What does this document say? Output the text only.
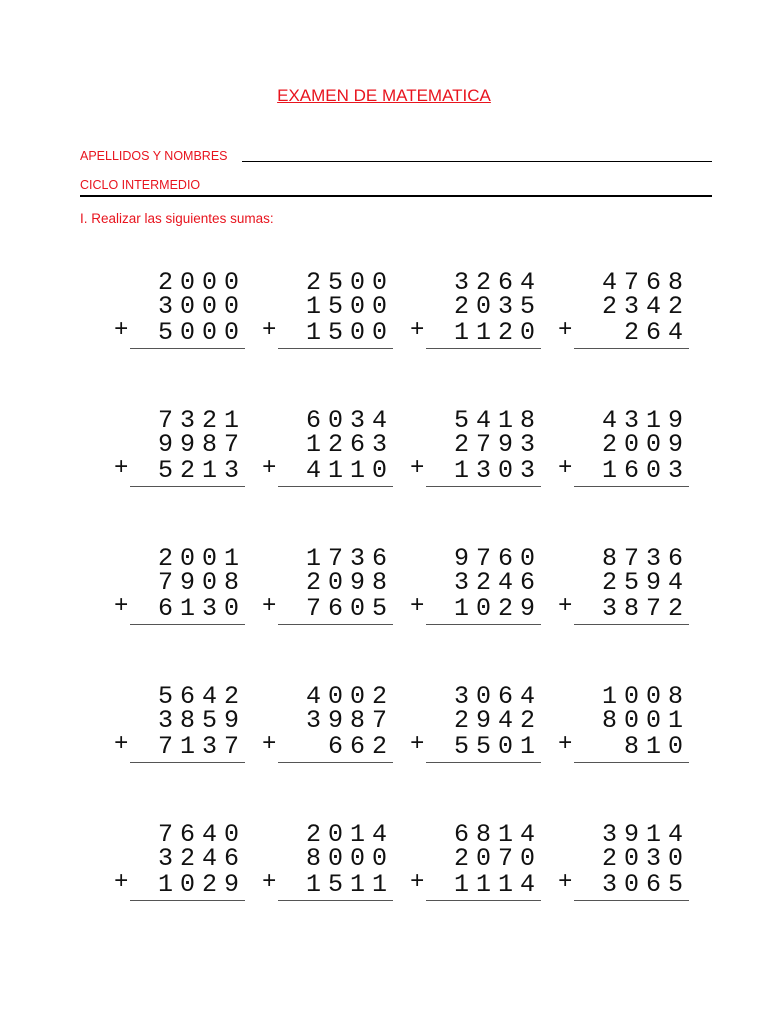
EXAMEN DE MATEMATICA
APELLIDOS Y NOMBRES
CICLO INTERMEDIO
I. Realizar las siguientes sumas:
2000
3000
+	5000
2500
1500
+	1500
3264
2035
+	1120
4768
2342
+	264
7321
9987
+	5213
6034
1263
+	4110
5418
2793
+	1303
4319
2009
+	1603
2001
7908
+	6130
1736
2098
+	7605
9760
3246
+	1029
8736
2594
+	3872
5642
3859
+	7137
4002
3987
+	662
3064
2942
+	5501
1008
8001
+	810
7640
3246
+	1029
2014
8000
+	1511
6814
2070
+	1114
3914
2030
+	3065
